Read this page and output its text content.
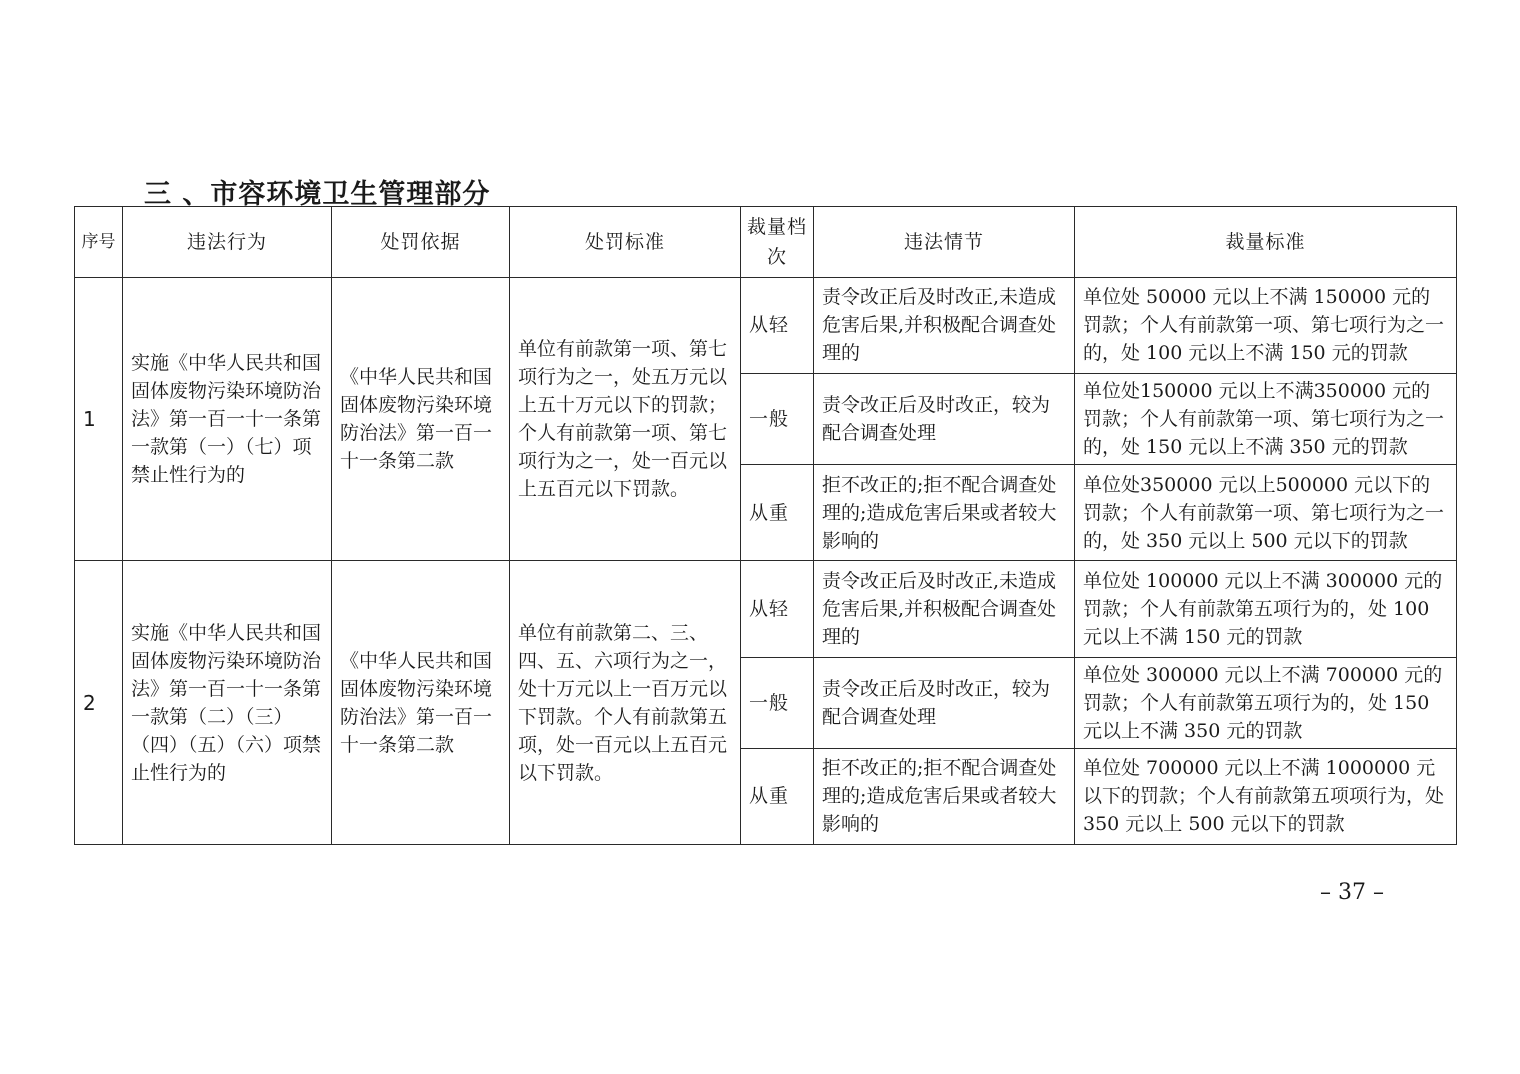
三 、市容环境卫生管理部分
序号	违法行为	处罚依据	处罚标准	裁量档次	违法情节	裁量标准
1	实施《中华人民共和国固体废物污染环境防治法》第一百一十一条第一款第（一）（七）项禁止性行为的	《中华人民共和国固体废物污染环境防治法》第一百一十一条第二款	单位有前款第一项、第七项行为之一，处五万元以上五十万元以下的罚款；个人有前款第一项、第七项行为之一，处一百元以上五百元以下罚款。	从轻	责令改正后及时改正,未造成危害后果,并积极配合调查处理的	单位处 50000 元以上不满 150000 元的罚款；个人有前款第一项、第七项行为之一的，处 100 元以上不满 150 元的罚款
				一般	责令改正后及时改正，较为配合调查处理	单位处150000 元以上不满350000 元的罚款；个人有前款第一项、第七项行为之一的，处 150 元以上不满 350 元的罚款
				从重	拒不改正的;拒不配合调查处理的;造成危害后果或者较大影响的	单位处350000 元以上500000 元以下的罚款；个人有前款第一项、第七项行为之一的，处 350 元以上 500 元以下的罚款
2	实施《中华人民共和国固体废物污染环境防治法》第一百一十一条第一款第（二）（三）（四）（五）（六）项禁止性行为的	《中华人民共和国固体废物污染环境防治法》第一百一十一条第二款	单位有前款第二、三、四、五、六项行为之一，处十万元以上一百万元以下罚款。个人有前款第五项，处一百元以上五百元以下罚款。	从轻	责令改正后及时改正,未造成危害后果,并积极配合调查处理的	单位处 100000 元以上不满 300000 元的罚款；个人有前款第五项行为的，处 100 元以上不满 150 元的罚款
				一般	责令改正后及时改正，较为配合调查处理	单位处 300000 元以上不满 700000 元的罚款；个人有前款第五项行为的，处 150 元以上不满 350 元的罚款
				从重	拒不改正的;拒不配合调查处理的;造成危害后果或者较大影响的	单位处 700000 元以上不满 1000000 元以下的罚款；个人有前款第五项项行为，处 350 元以上 500 元以下的罚款

– 37 –
